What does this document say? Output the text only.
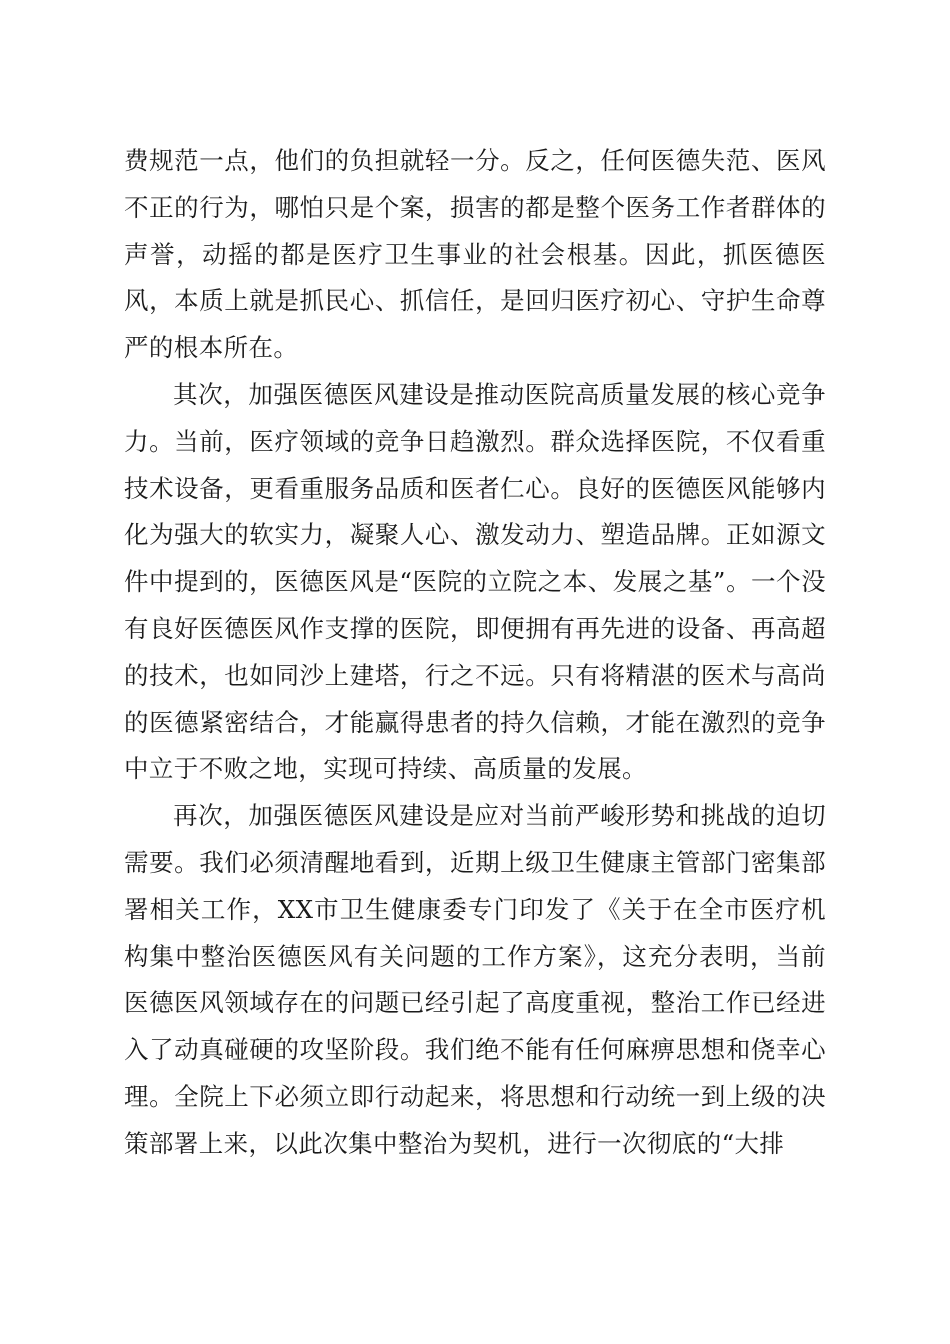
费规范一点，他们的负担就轻一分。反之，任何医德失范、医风不正的行为，哪怕只是个案，损害的都是整个医务工作者群体的声誉，动摇的都是医疗卫生事业的社会根基。因此，抓医德医风，本质上就是抓民心、抓信任，是回归医疗初心、守护生命尊严的根本所在。

其次，加强医德医风建设是推动医院高质量发展的核心竞争力。当前，医疗领域的竞争日趋激烈。群众选择医院，不仅看重技术设备，更看重服务品质和医者仁心。良好的医德医风能够内化为强大的软实力，凝聚人心、激发动力、塑造品牌。正如源文件中提到的，医德医风是“医院的立院之本、发展之基”。一个没有良好医德医风作支撑的医院，即便拥有再先进的设备、再高超的技术，也如同沙上建塔，行之不远。只有将精湛的医术与高尚的医德紧密结合，才能赢得患者的持久信赖，才能在激烈的竞争中立于不败之地，实现可持续、高质量的发展。

再次，加强医德医风建设是应对当前严峻形势和挑战的迫切需要。我们必须清醒地看到，近期上级卫生健康主管部门密集部署相关工作，XX市卫生健康委专门印发了《关于在全市医疗机构集中整治医德医风有关问题的工作方案》，这充分表明，当前医德医风领域存在的问题已经引起了高度重视，整治工作已经进入了动真碰硬的攻坚阶段。我们绝不能有任何麻痹思想和侥幸心理。全院上下必须立即行动起来，将思想和行动统一到上级的决策部署上来，以此次集中整治为契机，进行一次彻底的“大排
